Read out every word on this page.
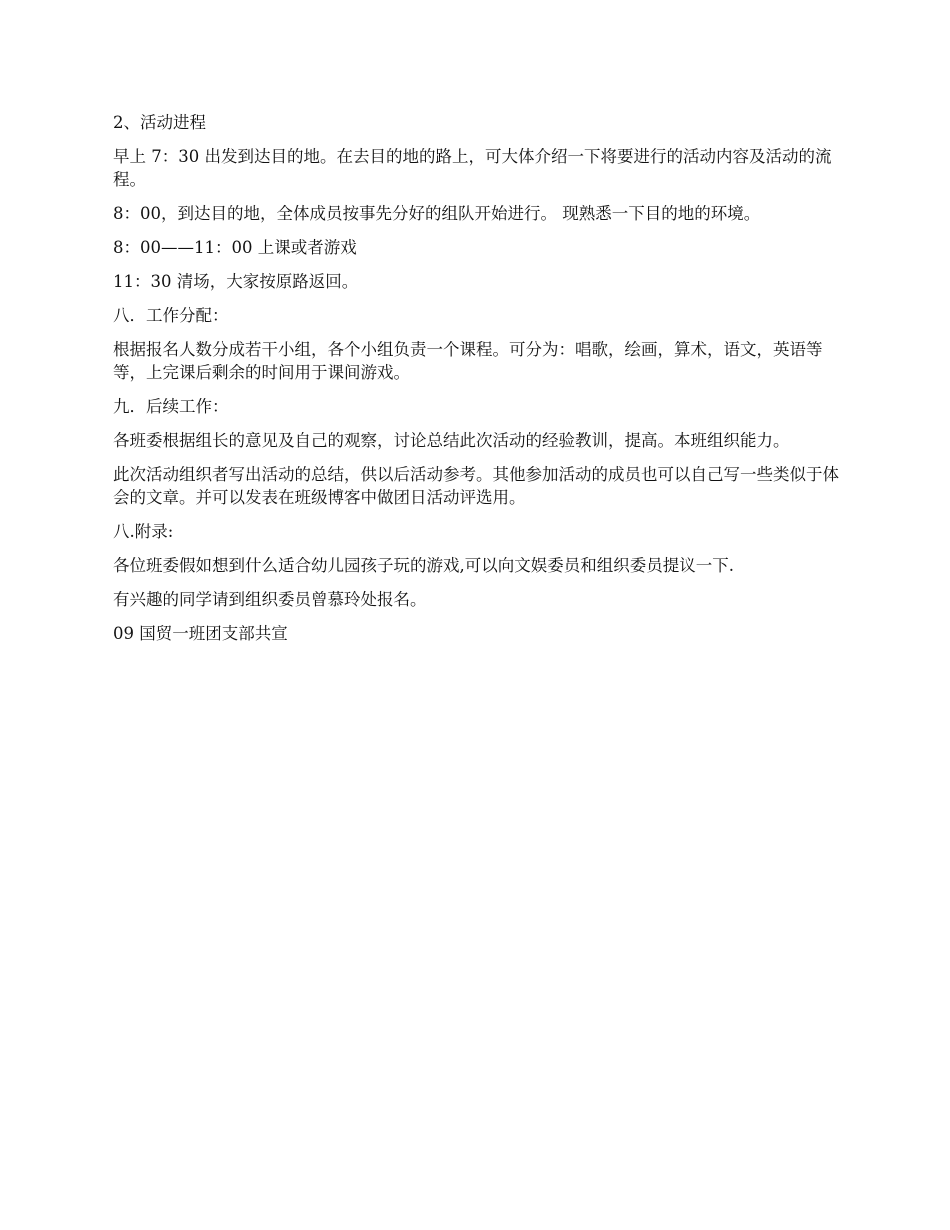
2、活动进程

早上 7：30 出发到达目的地。在去目的地的路上，可大体介绍一下将要进行的活动内容及活动的流程。

8：00，到达目的地，全体成员按事先分好的组队开始进行。 现熟悉一下目的地的环境。

8：00——11：00 上课或者游戏

11：30 清场，大家按原路返回。

八．工作分配：

根据报名人数分成若干小组，各个小组负责一个课程。可分为：唱歌，绘画，算术，语文，英语等等，上完课后剩余的时间用于课间游戏。

九．后续工作：

各班委根据组长的意见及自己的观察，讨论总结此次活动的经验教训，提高。本班组织能力。

此次活动组织者写出活动的总结，供以后活动参考。其他参加活动的成员也可以自己写一些类似于体会的文章。并可以发表在班级博客中做团日活动评选用。

八.附录:

各位班委假如想到什么适合幼儿园孩子玩的游戏,可以向文娱委员和组织委员提议一下.

有兴趣的同学请到组织委员曾慕玲处报名。

09 国贸一班团支部共宣
